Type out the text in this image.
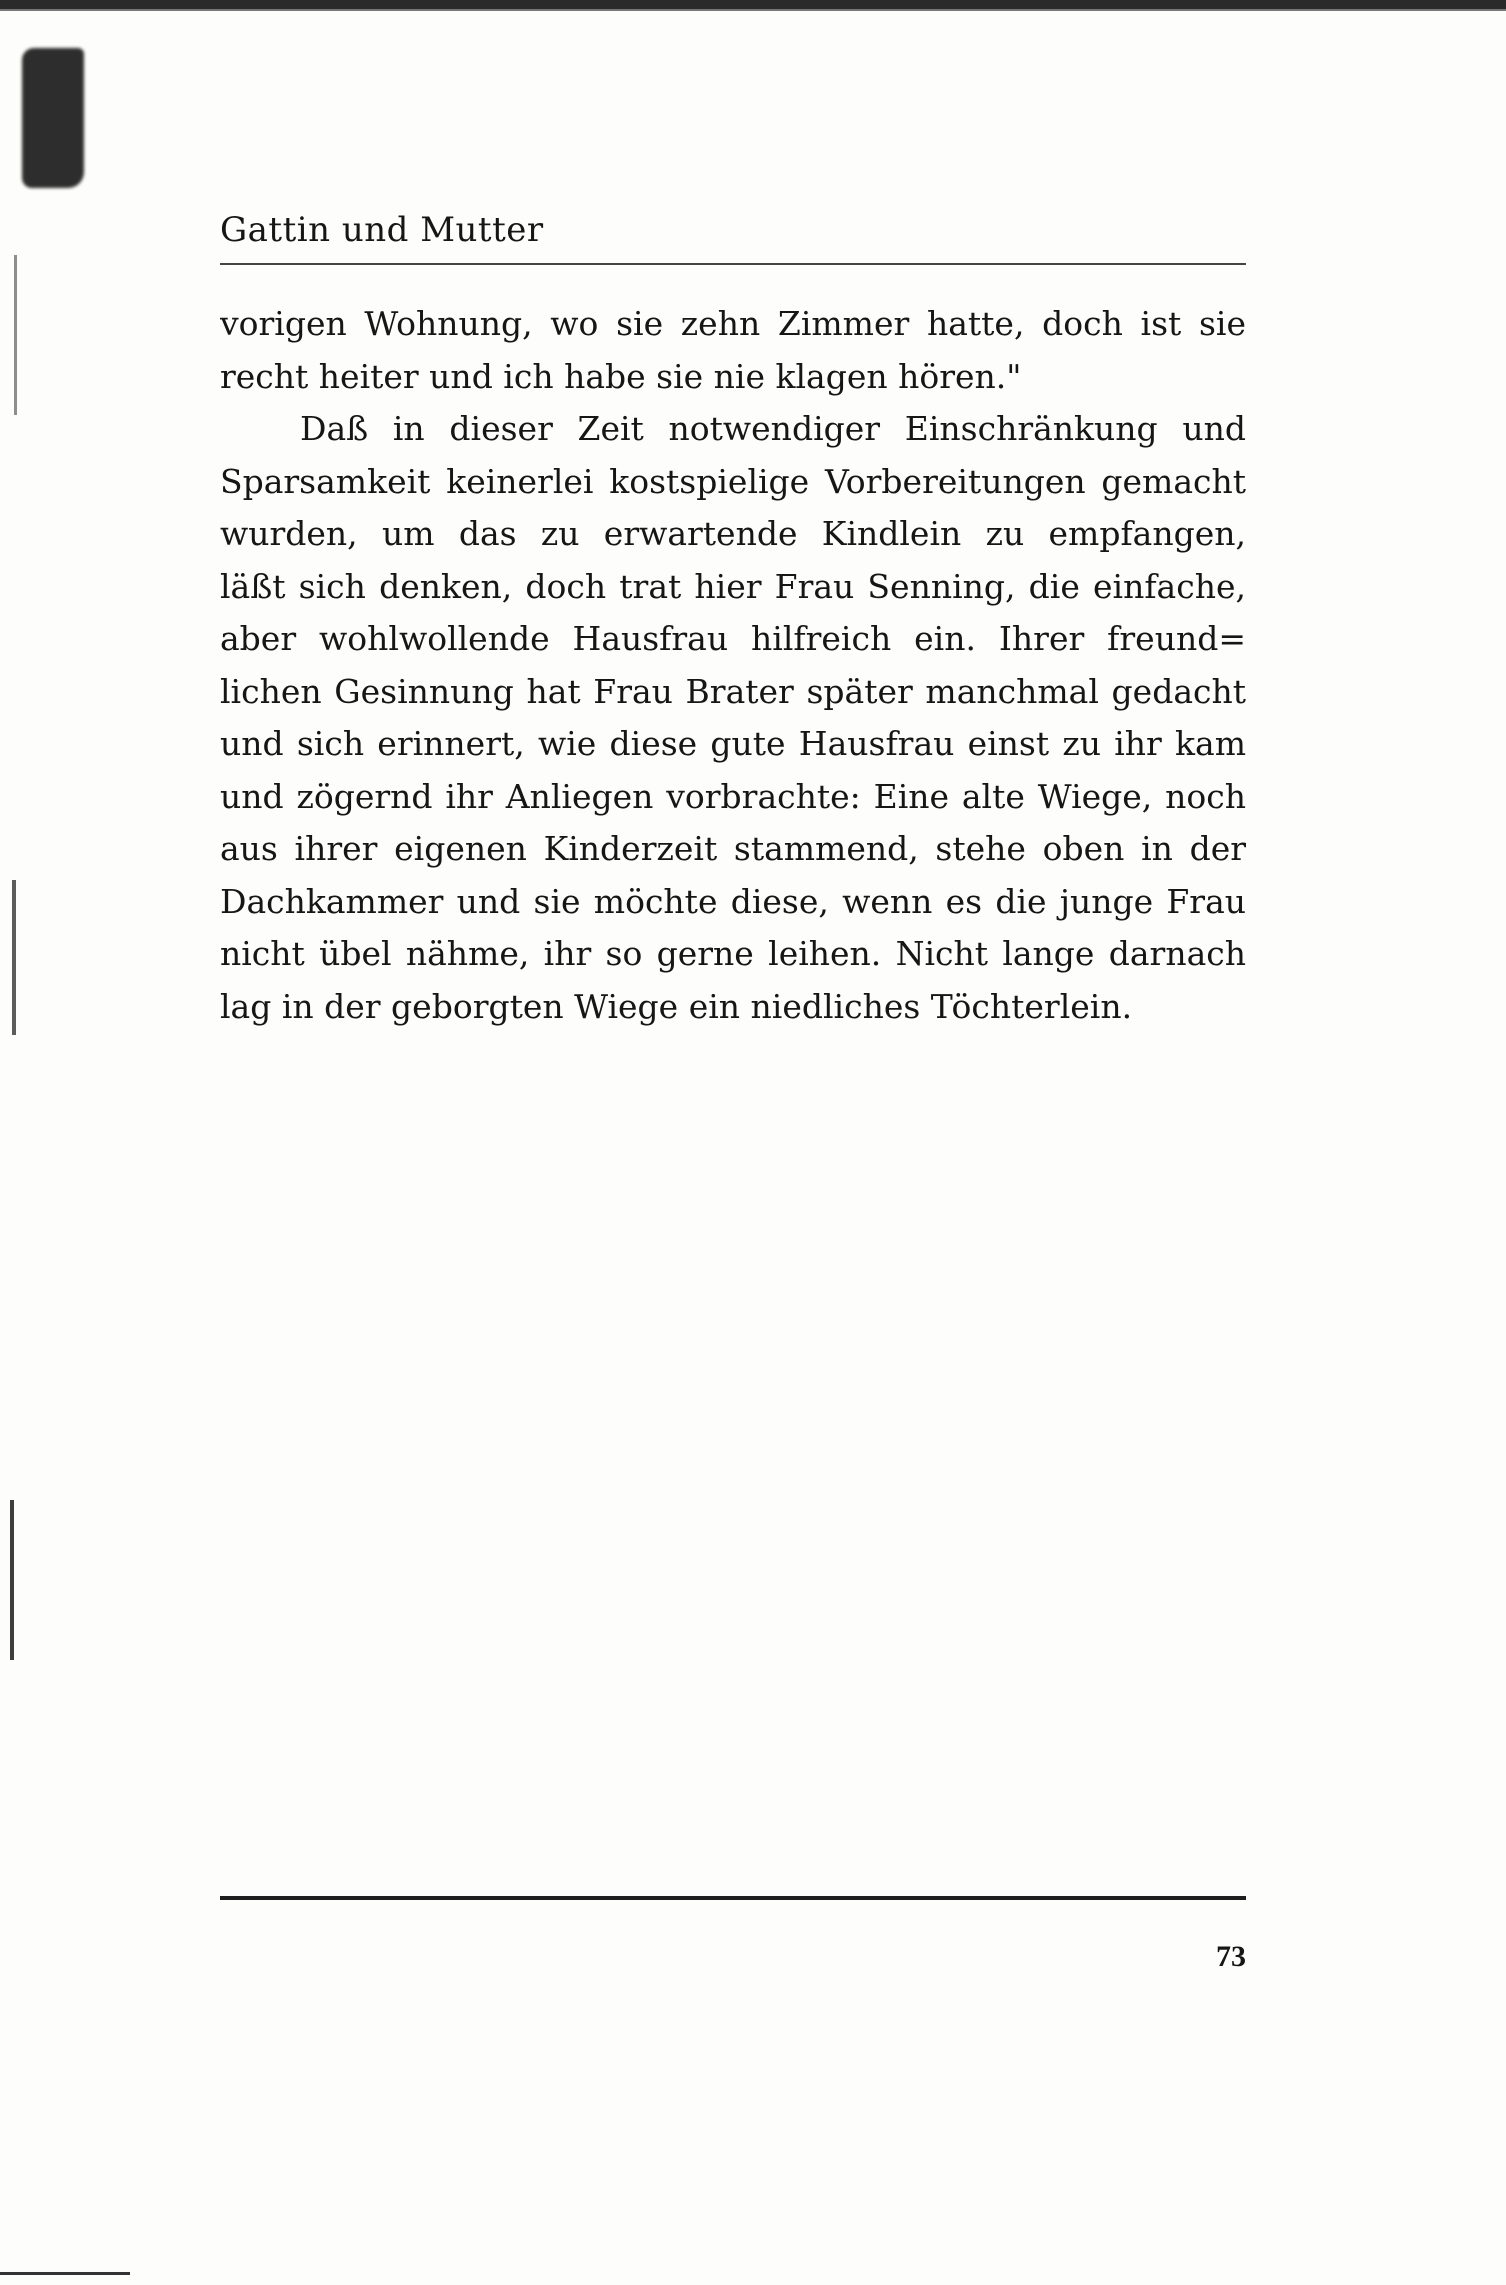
Gattin und Mutter

vorigen Wohnung, wo sie zehn Zimmer hatte, doch ist sie
recht heiter und ich habe sie nie klagen hören."
Daß in dieser Zeit notwendiger Einschränkung und
Sparsamkeit keinerlei kostspielige Vorbereitungen gemacht
wurden, um das zu erwartende Kindlein zu empfangen,
läßt sich denken, doch trat hier Frau Senning, die einfache,
aber wohlwollende Hausfrau hilfreich ein. Ihrer freund=
lichen Gesinnung hat Frau Brater später manchmal gedacht
und sich erinnert, wie diese gute Hausfrau einst zu ihr kam
und zögernd ihr Anliegen vorbrachte: Eine alte Wiege, noch
aus ihrer eigenen Kinderzeit stammend, stehe oben in der
Dachkammer und sie möchte diese, wenn es die junge Frau
nicht übel nähme, ihr so gerne leihen. Nicht lange darnach
lag in der geborgten Wiege ein niedliches Töchterlein.
73
